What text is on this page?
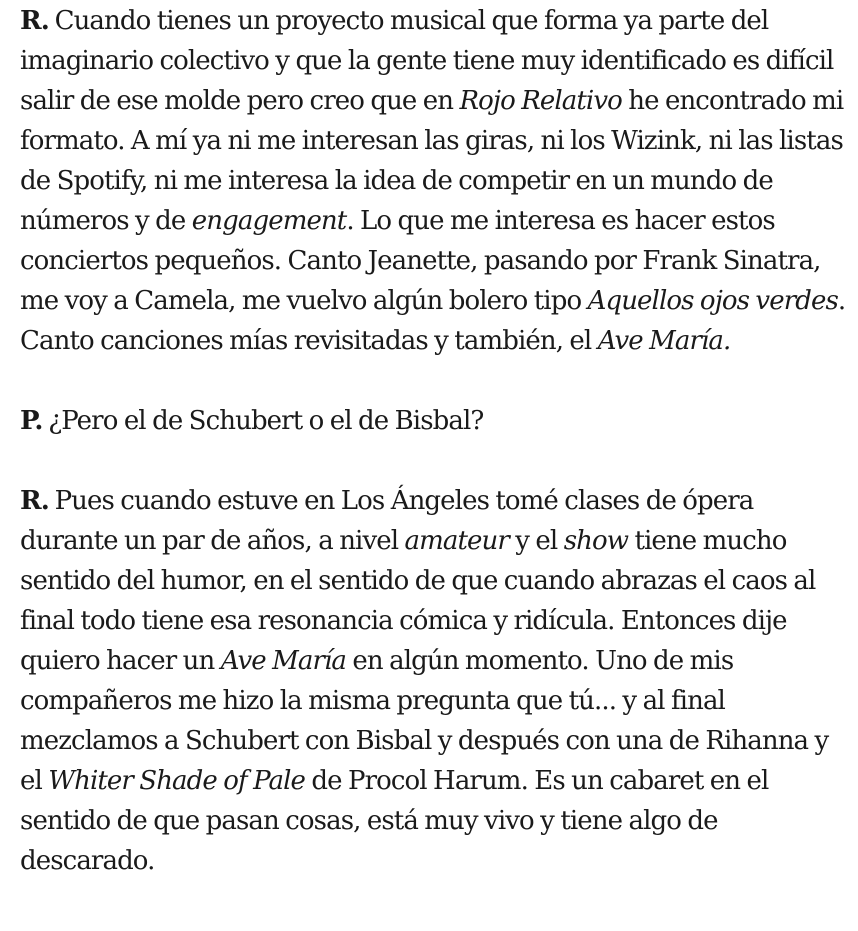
R. Cuando tienes un proyecto musical que forma ya parte del imaginario colectivo y que la gente tiene muy identificado es difícil salir de ese molde pero creo que en Rojo Relativo he encontrado mi formato. A mí ya ni me interesan las giras, ni los Wizink, ni las listas de Spotify, ni me interesa la idea de competir en un mundo de números y de engagement. Lo que me interesa es hacer estos conciertos pequeños. Canto Jeanette, pasando por Frank Sinatra, me voy a Camela, me vuelvo algún bolero tipo Aquellos ojos verdes. Canto canciones mías revisitadas y también, el Ave María.

P. ¿Pero el de Schubert o el de Bisbal?

R. Pues cuando estuve en Los Ángeles tomé clases de ópera durante un par de años, a nivel amateur y el show tiene mucho sentido del humor, en el sentido de que cuando abrazas el caos al final todo tiene esa resonancia cómica y ridícula. Entonces dije quiero hacer un Ave María en algún momento. Uno de mis compañeros me hizo la misma pregunta que tú... y al final mezclamos a Schubert con Bisbal y después con una de Rihanna y el Whiter Shade of Pale de Procol Harum. Es un cabaret en el sentido de que pasan cosas, está muy vivo y tiene algo de descarado.
